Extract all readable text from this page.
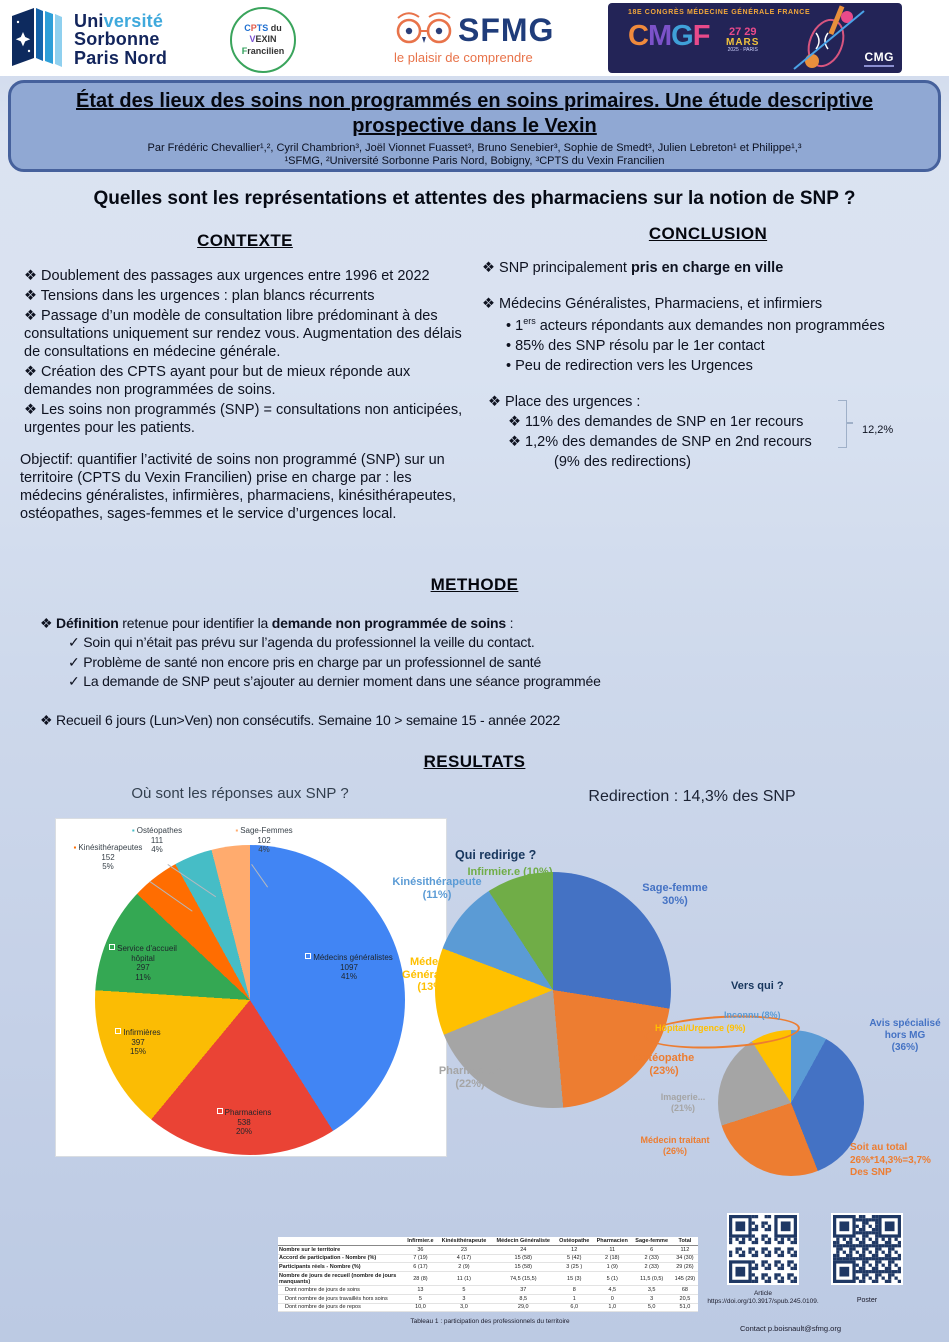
Université
Sorbonne
Paris Nord
CPTS du
VEXIN
Francilien
SFMG
le plaisir de comprendre
18E CONGRÈS MÉDECINE GÉNÉRALE FRANCE
CMGF 27 29
MARS
2025 · PARIS	CMG
État des lieux des soins non programmés en soins primaires. Une étude descriptive prospective dans le Vexin
Par Frédéric Chevallier¹,², Cyril Chambrion³, Joël Vionnet Fuasset³, Bruno Senebier³, Sophie de Smedt³, Julien Lebreton¹ et Philippe¹,³
¹SFMG, ²Université Sorbonne Paris Nord, Bobigny, ³CPTS du Vexin Francilien
Quelles sont les représentations et attentes des pharmaciens sur la notion de SNP ?
CONTEXTE
❖ Doublement des passages aux urgences entre 1996 et 2022
❖ Tensions dans les urgences : plan blancs récurrents
❖ Passage d’un modèle de consultation libre prédominant à des consultations uniquement sur rendez vous. Augmentation des délais de consultations en médecine générale.
❖ Création des CPTS ayant pour but de mieux réponde aux demandes non programmées de soins.
❖ Les soins non programmés (SNP) = consultations non anticipées, urgentes pour les patients.
Objectif: quantifier l’activité de soins non programmé (SNP) sur un territoire (CPTS du Vexin Francilien) prise en charge par : les médecins généralistes, infirmières, pharmaciens, kinésithérapeutes, ostéopathes, sages-femmes et le service d’urgences local.
CONCLUSION
❖ SNP principalement pris en charge en ville
❖ Médecins Généralistes, Pharmaciens, et infirmiers
• 1ers acteurs répondants aux demandes non programmées
• 85% des SNP résolu par le 1er contact
• Peu de redirection vers les Urgences
❖ Place des urgences :
❖ 11% des demandes de SNP en 1er recours
❖ 1,2% des demandes de SNP en 2nd recours
(9% des redirections)
12,2%
METHODE
❖ Définition retenue pour identifier la demande non programmée de soins :
✓ Soin qui n’était pas prévu sur l’agenda du professionnel la veille du contact.
✓ Problème de santé non encore pris en charge par un professionnel de santé
✓ La demande de SNP peut s’ajouter au dernier moment dans une séance programmée
❖ Recueil 6 jours (Lun>Ven) non consécutifs. Semaine 10 > semaine 15 - année 2022
RESULTATS
Où sont les réponses aux SNP ?
▪ Kinésithérapeutes
152
5%
▪ Ostéopathes
111
4%
▪ Sage-Femmes
102
4%
Médecins généralistes
1097
41%
Pharmaciens
538
20%
Infirmières
397
15%
Service d'accueil hôpital
297
11%
Redirection : 14,3% des SNP
Qui redirige ?
Infirmier.e (10%)
Kinésithérapeute
(11%)
Sage-femme
30%)
Médecin Généraliste
(13%)
Pharmacien
(22%)
Ostéopathe
(23%)
Vers qui ?
Inconnu (8%)
Hôpital/Urgence (9%)	Avis spécialisé hors MG
(36%)
Imagerie...
(21%)
Médecin traitant
(26%)	Soit au total
26%*14,3%=3,7%
Des SNP
	Infirmier.e	Kinésithérapeute	Médecin Généraliste	Ostéopathe	Pharmacien	Sage-femme	Total
Nombre sur le territoire	36	23	24	12	11	6	112
Accord de participation - Nombre (%)	7 (19)	4 (17)	15 (58)	5 (42)	2 (18)	2 (33)	34 (30)
Participants réels - Nombre (%)	6 (17)	2 (9)	15 (58)	3 (25 )	1 (9)	2 (33)	29 (26)
Nombre de jours de recueil (nombre de jours manquants)	28 (8)	11 (1)	74,5 (15,5)	15 (3)	5 (1)	11,5 (0,5)	145 (29)
Dont nombre de jours de soins	13	5	37	8	4,5	3,5	68
Dont nombre de jours travaillés hors soins	5	3	8,5	1	0	3	20,5
Dont nombre de jours de repos	10,0	3,0	29,0	6,0	1,0	5,0	51,0
Tableau 1 : participation des professionnels du territoire
Article
https://doi.org/10.3917/spub.245.0109.	Poster
Contact p.boisnault@sfmg.org
